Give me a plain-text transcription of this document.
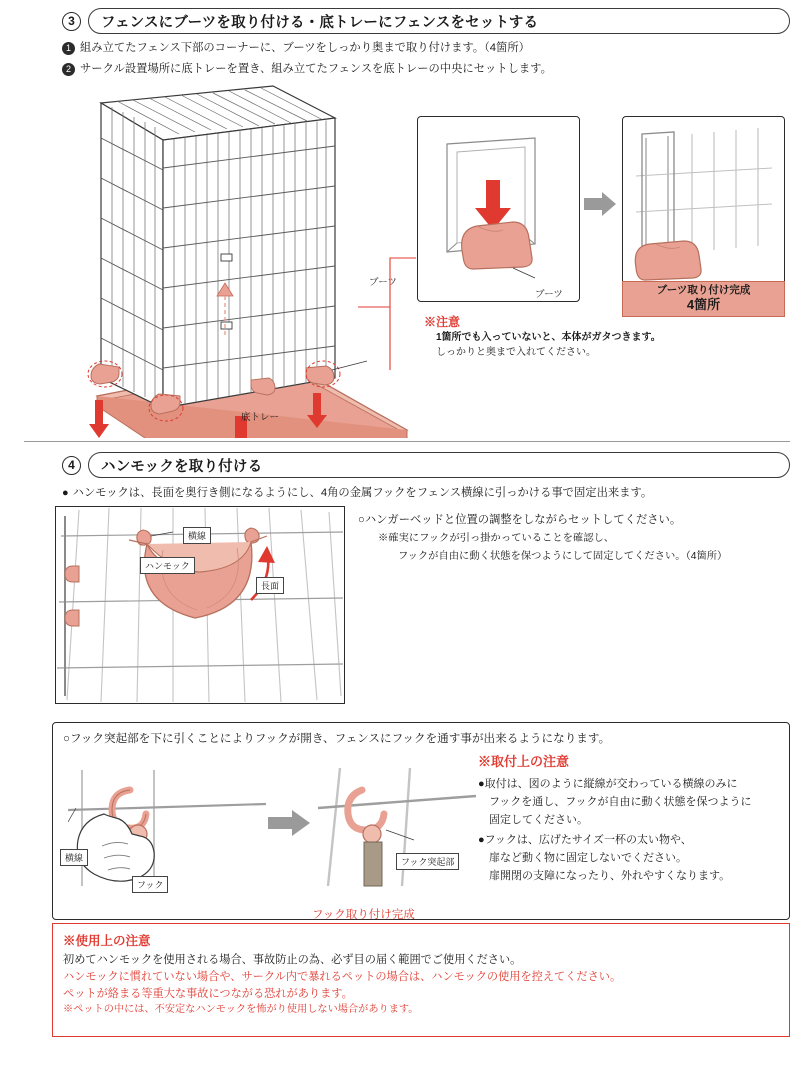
3	フェンスにブーツを取り付ける・底トレーにフェンスをセットする
1 組み立てたフェンス下部のコーナーに、ブーツをしっかり奥まで取り付けます。（4箇所）
2 サークル設置場所に底トレーを置き、組み立てたフェンスを底トレーの中央にセットします。
ブーツ
底トレー
ブーツ	ブーツ取り付け完成
4箇所
※注意
1箇所でも入っていないと、本体がガタつきます。
しっかりと奥まで入れてください。
4	ハンモックを取り付ける
● ハンモックは、長面を奥行き側になるようにし、4角の金属フックをフェンス横線に引っかける事で固定出来ます。
横線
ハンモック
長面
○ハンガーベッドと位置の調整をしながらセットしてください。
※確実にフックが引っ掛かっていることを確認し、
フックが自由に動く状態を保つようにして固定してください。（4箇所）
○フック突起部を下に引くことによりフックが開き、フェンスにフックを通す事が出来るようになります。
横線
フック
フック突起部
フック取り付け完成
※取付上の注意
●取付は、図のように縦線が交わっている横線のみに
フックを通し、フックが自由に動く状態を保つように
固定してください。
●フックは、広げたサイズ一杯の太い物や、
扉など動く物に固定しないでください。
扉開閉の支障になったり、外れやすくなります。
※使用上の注意
初めてハンモックを使用される場合、事故防止の為、必ず目の届く範囲でご使用ください。
ハンモックに慣れていない場合や、サークル内で暴れるペットの場合は、ハンモックの使用を控えてください。
ペットが絡まる等重大な事故につながる恐れがあります。
※ペットの中には、不安定なハンモックを怖がり使用しない場合があります。
